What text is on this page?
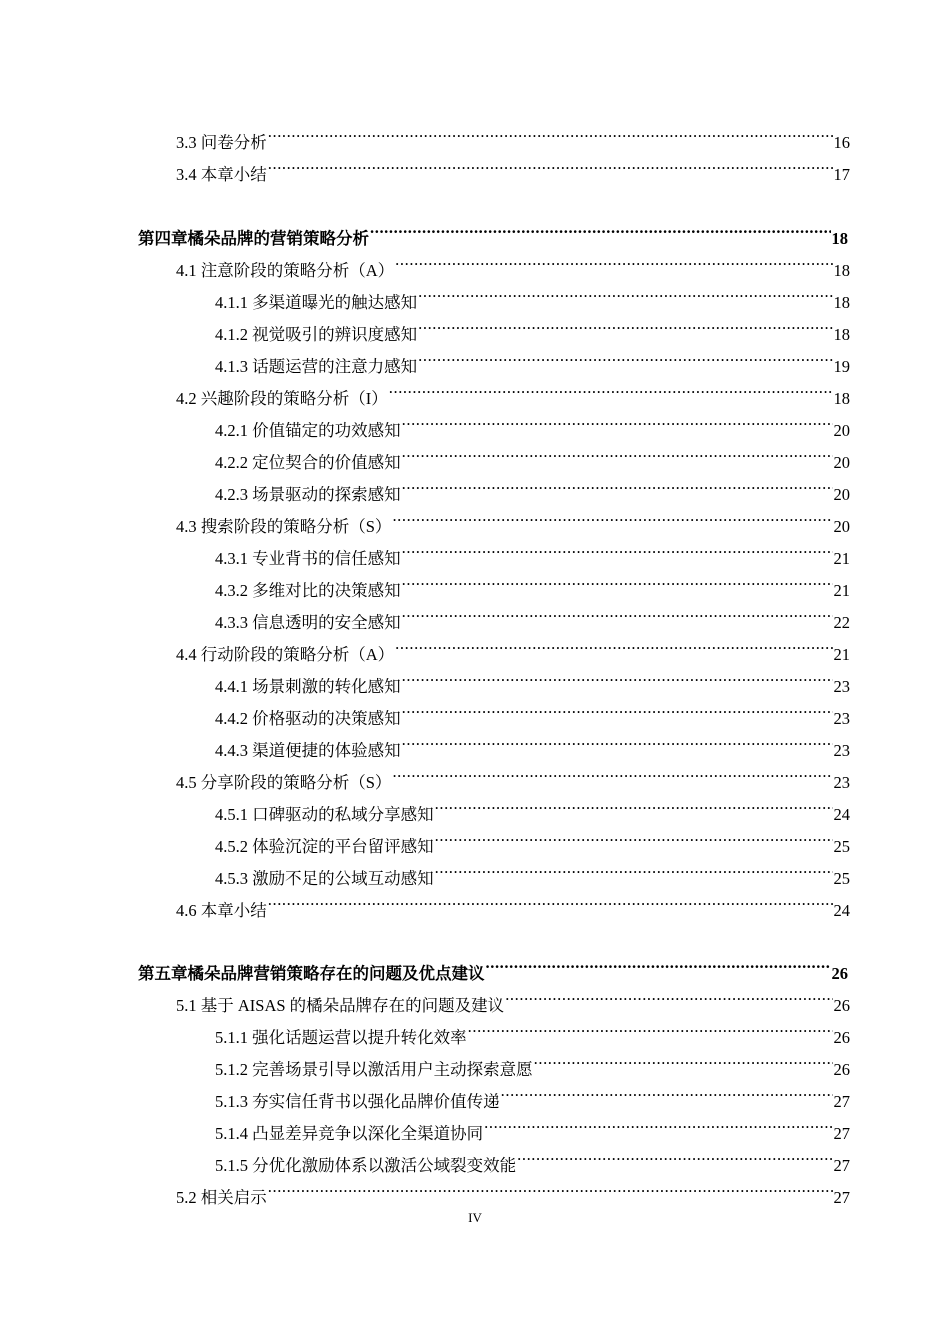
3.3 问卷分析 .....	16
3.4 本章小结 .....	17
第四章橘朵品牌的营销策略分析 .....	18
4.1 注意阶段的策略分析（A） .....	18
4.1.1 多渠道曝光的触达感知 .....	18
4.1.2 视觉吸引的辨识度感知 .....	18
4.1.3 话题运营的注意力感知 .....	19
4.2 兴趣阶段的策略分析（I） .....	18
4.2.1 价值锚定的功效感知 .....	20
4.2.2 定位契合的价值感知 .....	20
4.2.3 场景驱动的探索感知 .....	20
4.3 搜索阶段的策略分析（S） .....	20
4.3.1 专业背书的信任感知 .....	21
4.3.2 多维对比的决策感知 .....	21
4.3.3 信息透明的安全感知 .....	22
4.4 行动阶段的策略分析（A） .....	21
4.4.1 场景刺激的转化感知 .....	23
4.4.2 价格驱动的决策感知 .....	23
4.4.3 渠道便捷的体验感知 .....	23
4.5 分享阶段的策略分析（S） .....	23
4.5.1 口碑驱动的私域分享感知 .....	24
4.5.2 体验沉淀的平台留评感知 .....	25
4.5.3 激励不足的公域互动感知 .....	25
4.6 本章小结 .....	24
第五章橘朵品牌营销策略存在的问题及优点建议 .....	26
5.1 基于 AISAS 的橘朵品牌存在的问题及建议 .....	26
5.1.1 强化话题运营以提升转化效率 .....	26
5.1.2 完善场景引导以激活用户主动探索意愿 .....	26
5.1.3 夯实信任背书以强化品牌价值传递 .....	27
5.1.4 凸显差异竞争以深化全渠道协同 .....	27
5.1.5 分优化激励体系以激活公域裂变效能 .....	27
5.2 相关启示 .....	27
IV
